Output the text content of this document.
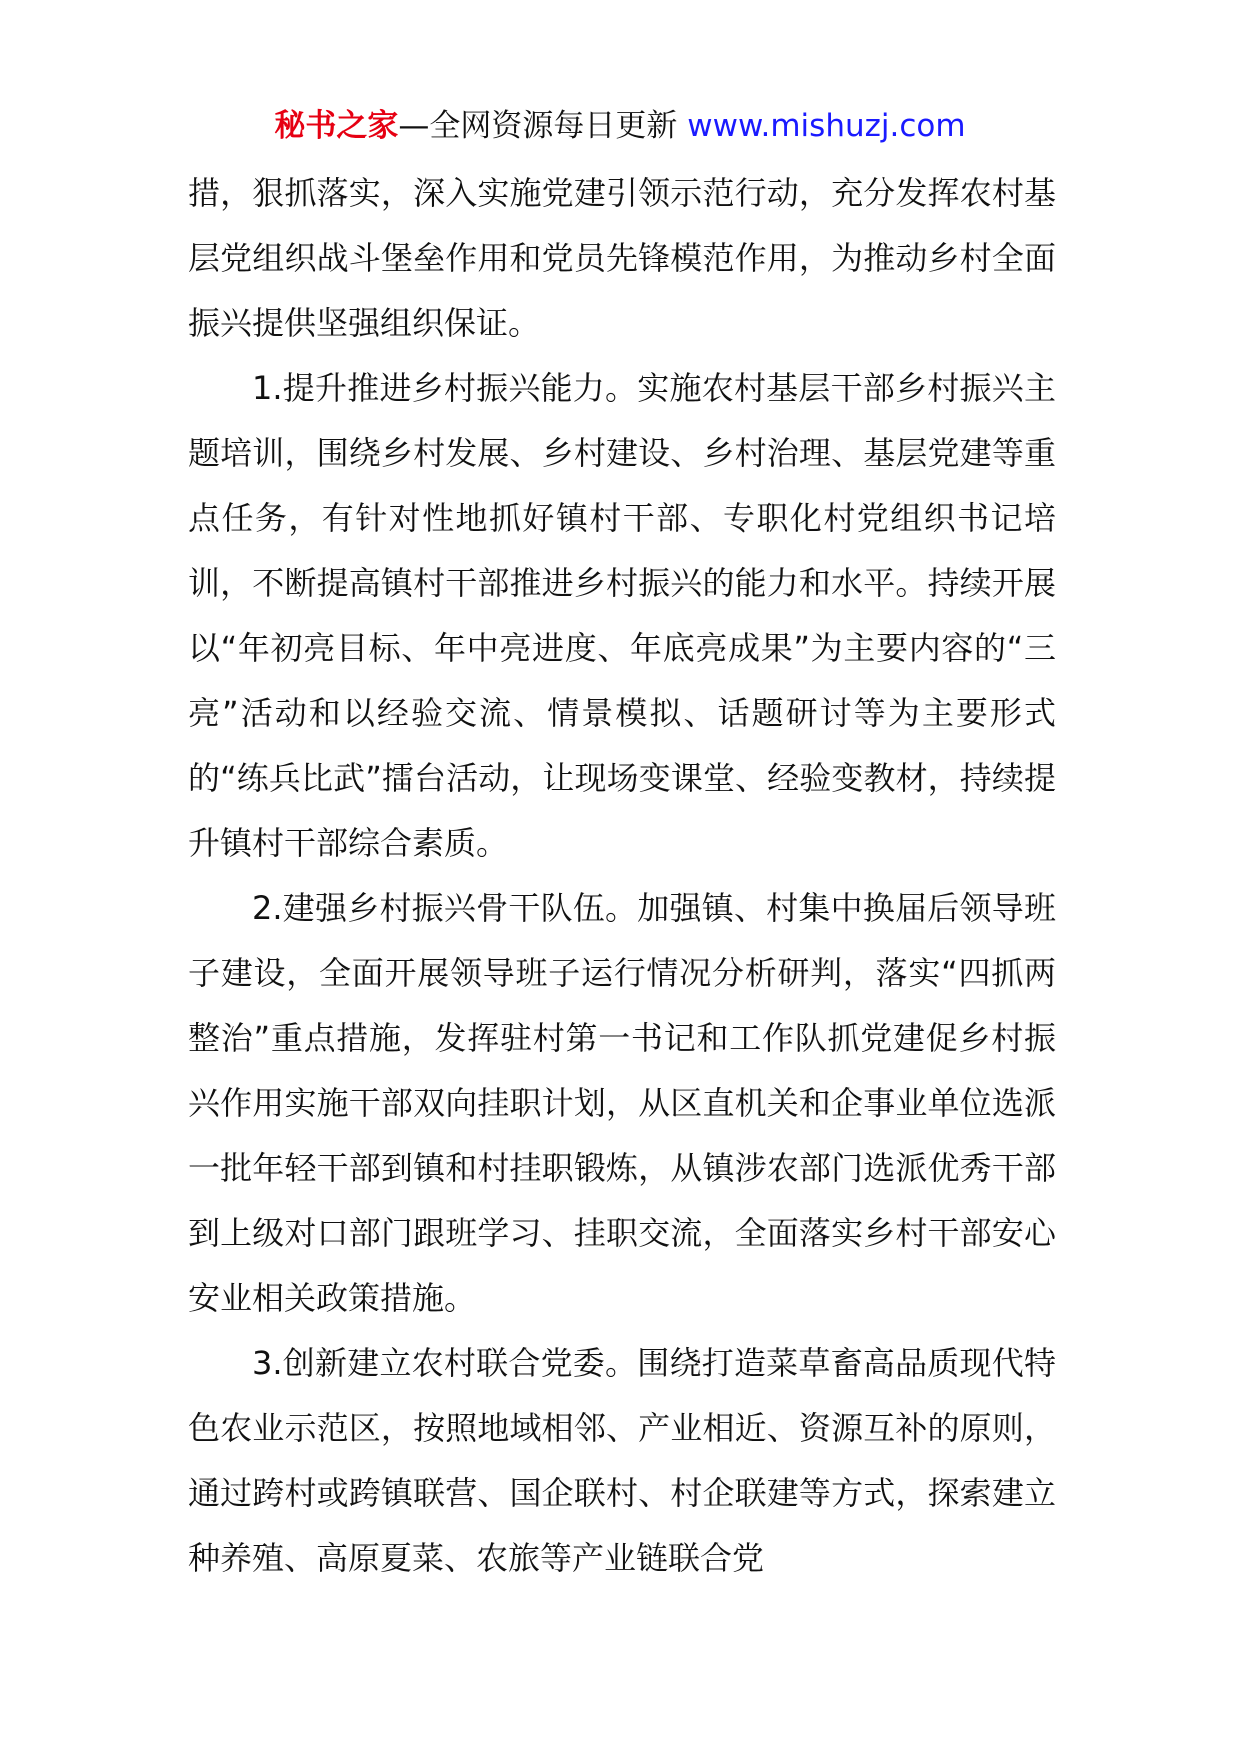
秘书之家—全网资源每日更新 www.mishuzj.com

措，狠抓落实，深入实施党建引领示范行动，充分发挥农村基层党组织战斗堡垒作用和党员先锋模范作用，为推动乡村全面振兴提供坚强组织保证。

1.提升推进乡村振兴能力。实施农村基层干部乡村振兴主题培训，围绕乡村发展、乡村建设、乡村治理、基层党建等重点任务，有针对性地抓好镇村干部、专职化村党组织书记培训，不断提高镇村干部推进乡村振兴的能力和水平。持续开展以“年初亮目标、年中亮进度、年底亮成果”为主要内容的“三亮”活动和以经验交流、情景模拟、话题研讨等为主要形式的“练兵比武”擂台活动，让现场变课堂、经验变教材，持续提升镇村干部综合素质。

2.建强乡村振兴骨干队伍。加强镇、村集中换届后领导班子建设，全面开展领导班子运行情况分析研判，落实“四抓两整治”重点措施，发挥驻村第一书记和工作队抓党建促乡村振兴作用实施干部双向挂职计划，从区直机关和企事业单位选派一批年轻干部到镇和村挂职锻炼，从镇涉农部门选派优秀干部到上级对口部门跟班学习、挂职交流，全面落实乡村干部安心安业相关政策措施。

3.创新建立农村联合党委。围绕打造菜草畜高品质现代特色农业示范区，按照地域相邻、产业相近、资源互补的原则，通过跨村或跨镇联营、国企联村、村企联建等方式，探索建立种养殖、高原夏菜、农旅等产业链联合党
